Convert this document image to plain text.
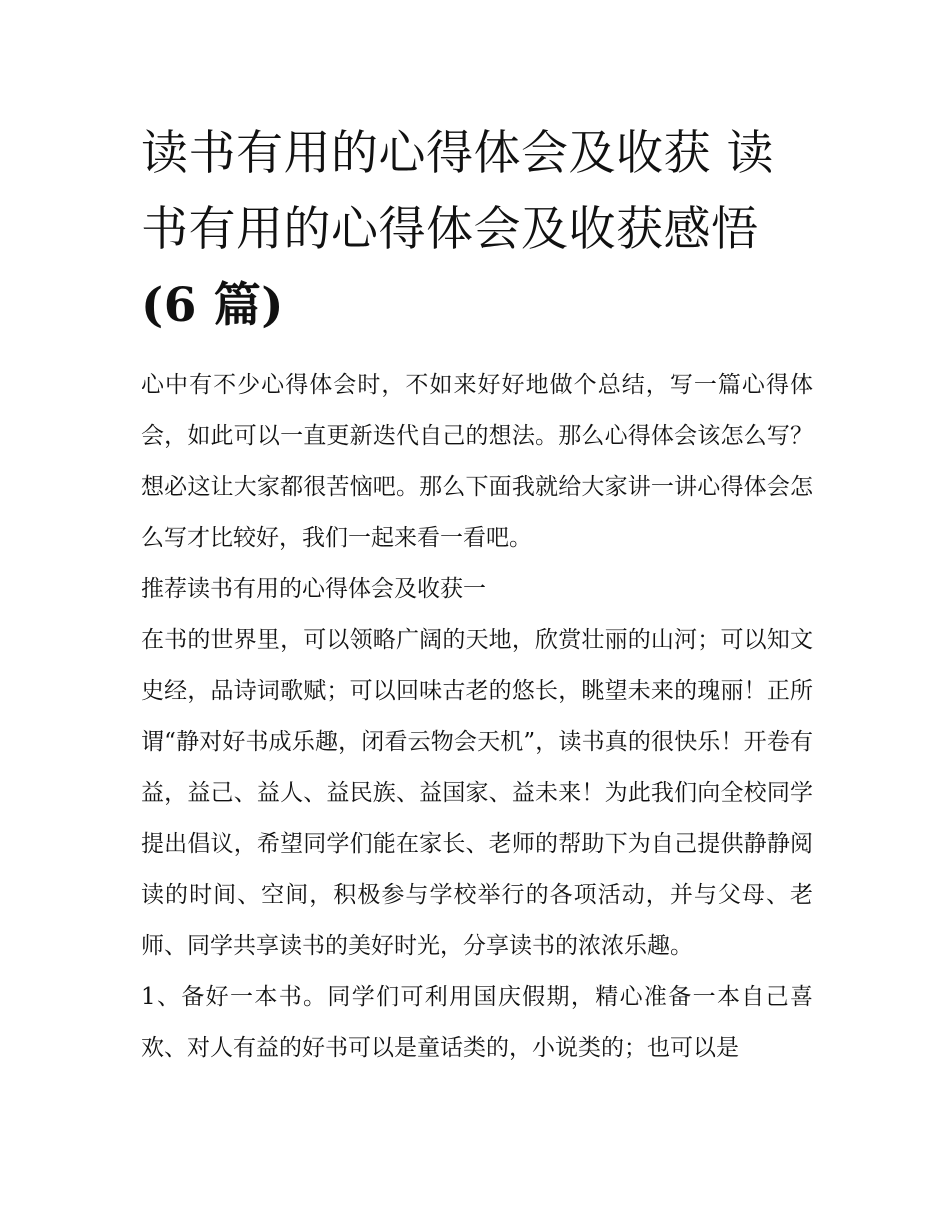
读书有用的心得体会及收获 读书有用的心得体会及收获感悟(6 篇)

心中有不少心得体会时，不如来好好地做个总结，写一篇心得体会，如此可以一直更新迭代自己的想法。那么心得体会该怎么写？想必这让大家都很苦恼吧。那么下面我就给大家讲一讲心得体会怎么写才比较好，我们一起来看一看吧。

推荐读书有用的心得体会及收获一

在书的世界里，可以领略广阔的天地，欣赏壮丽的山河；可以知文史经，品诗词歌赋；可以回味古老的悠长，眺望未来的瑰丽！正所谓“静对好书成乐趣，闭看云物会天机”，读书真的很快乐！开卷有益，益己、益人、益民族、益国家、益未来！为此我们向全校同学提出倡议，希望同学们能在家长、老师的帮助下为自己提供静静阅读的时间、空间，积极参与学校举行的各项活动，并与父母、老师、同学共享读书的美好时光，分享读书的浓浓乐趣。

1、备好一本书。同学们可利用国庆假期，精心准备一本自己喜欢、对人有益的好书可以是童话类的，小说类的；也可以是
